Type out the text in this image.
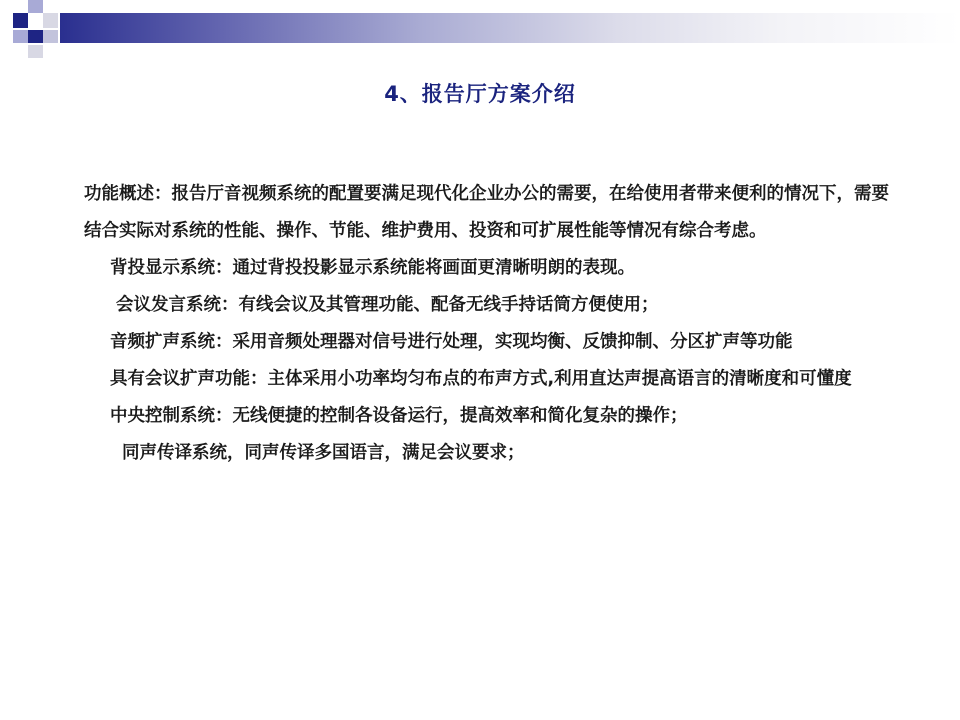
4、报告厅方案介绍

功能概述：报告厅音视频系统的配置要满足现代化企业办公的需要，在给使用者带来便利的情况下，需要结合实际对系统的性能、操作、节能、维护费用、投资和可扩展性能等情况有综合考虑。

背投显示系统：通过背投投影显示系统能将画面更清晰明朗的表现。

会议发言系统：有线会议及其管理功能、配备无线手持话筒方便使用；

音频扩声系统：采用音频处理器对信号进行处理，实现均衡、反馈抑制、分区扩声等功能

具有会议扩声功能：主体采用小功率均匀布点的布声方式,利用直达声提高语言的清晰度和可懂度

中央控制系统：无线便捷的控制各设备运行，提高效率和简化复杂的操作；

同声传译系统，同声传译多国语言，满足会议要求；
